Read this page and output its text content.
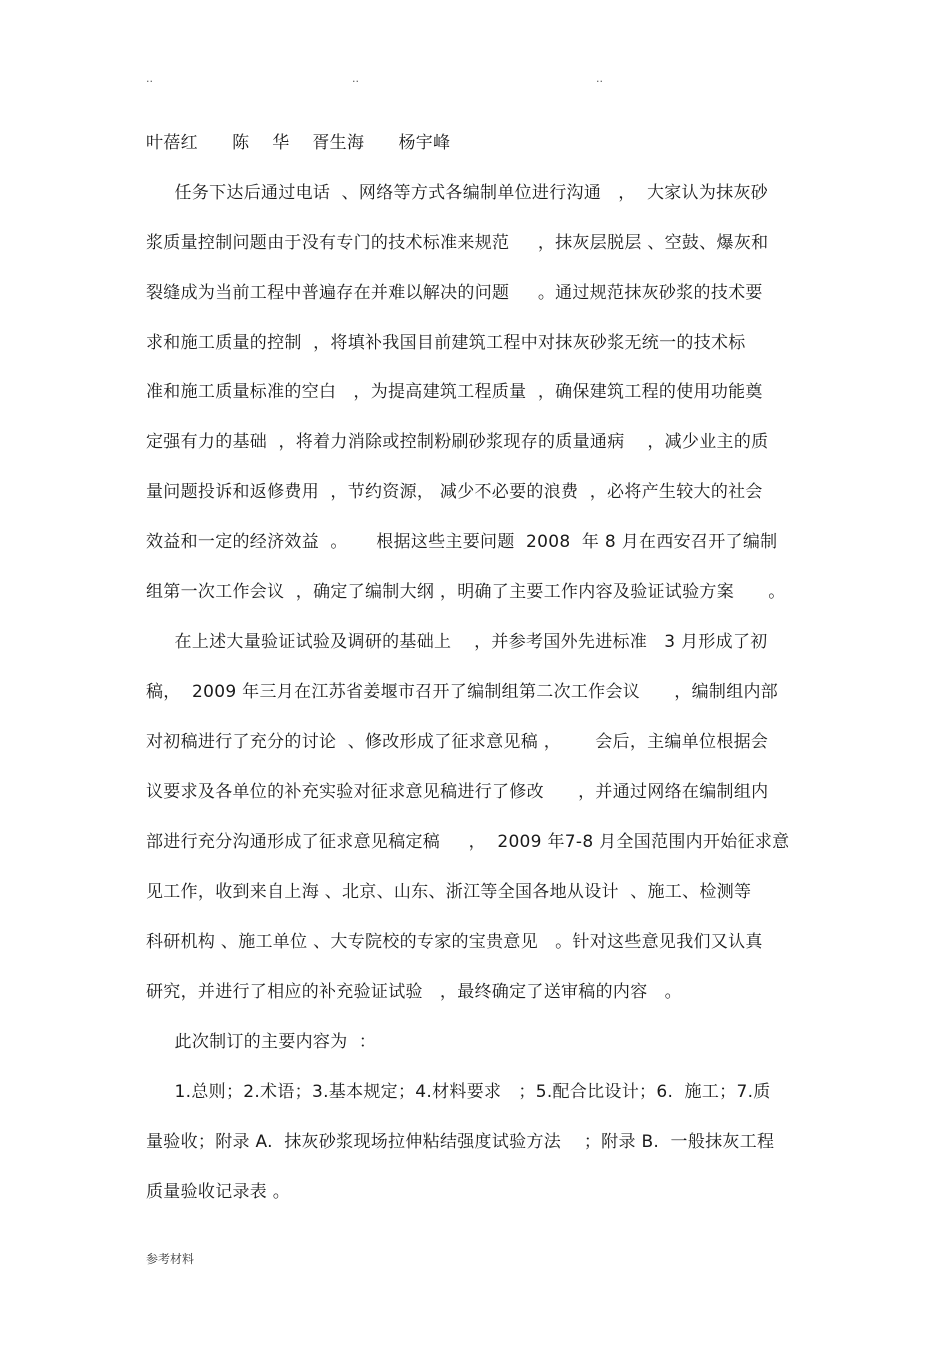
..	..	..
叶蓓红      陈    华    胥生海      杨宇峰
任务下达后通过电话  、网络等方式各编制单位进行沟通   ，  大家认为抹灰砂
浆质量控制问题由于没有专门的技术标准来规范     ，抹灰层脱层 、空鼓、爆灰和
裂缝成为当前工程中普遍存在并难以解决的问题     。通过规范抹灰砂浆的技术要
求和施工质量的控制  ，将填补我国目前建筑工程中对抹灰砂浆无统一的技术标
准和施工质量标准的空白   ，为提高建筑工程质量  ，确保建筑工程的使用功能奠
定强有力的基础  ，将着力消除或控制粉刷砂浆现存的质量通病    ，减少业主的质
量问题投诉和返修费用  ，节约资源， 减少不必要的浪费  ，必将产生较大的社会
效益和一定的经济效益  。     根据这些主要问题  2008  年 8 月在西安召开了编制
组第一次工作会议  ，确定了编制大纲 ，明确了主要工作内容及验证试验方案      。
在上述大量验证试验及调研的基础上    ，并参考国外先进标准   3 月形成了初
稿，  2009 年三月在江苏省姜堰市召开了编制组第二次工作会议      ，编制组内部
对初稿进行了充分的讨论  、修改形成了征求意见稿 ，      会后，主编单位根据会
议要求及各单位的补充实验对征求意见稿进行了修改      ，并通过网络在编制组内
部进行充分沟通形成了征求意见稿定稿     ，  2009 年7-8 月全国范围内开始征求意
见工作，收到来自上海 、北京、山东、浙江等全国各地从设计  、施工、检测等
科研机构 、施工单位 、大专院校的专家的宝贵意见   。针对这些意见我们又认真
研究，并进行了相应的补充验证试验   ，最终确定了送审稿的内容   。
此次制订的主要内容为  ：
1.总则；2.术语；3.基本规定；4.材料要求   ；5.配合比设计；6.  施工；7.质
量验收；附录 A.  抹灰砂浆现场拉伸粘结强度试验方法    ；附录 B.  一般抹灰工程
质量验收记录表 。
参考材料
